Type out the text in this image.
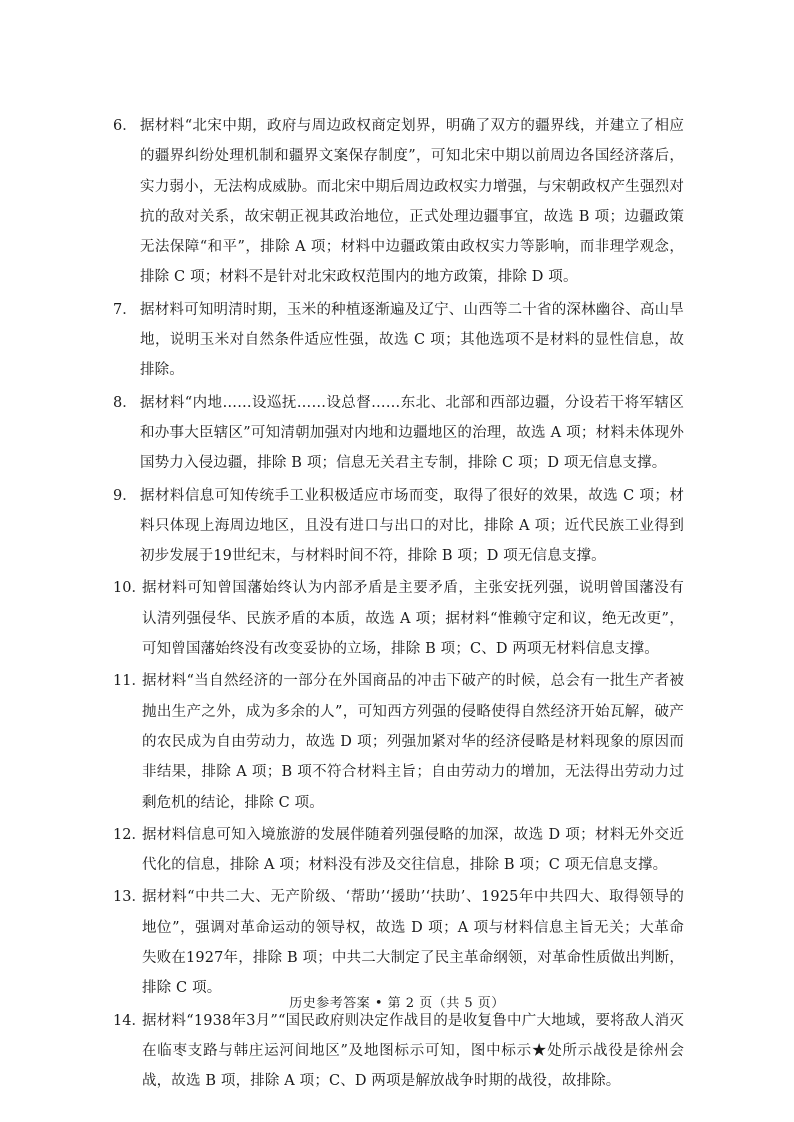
6． 据材料“北宋中期，政府与周边政权商定划界，明确了双方的疆界线，并建立了相应的疆界纠纷处理机制和疆界文案保存制度”，可知北宋中期以前周边各国经济落后，实力弱小，无法构成威胁。而北宋中期后周边政权实力增强，与宋朝政权产生强烈对抗的敌对关系，故宋朝正视其政治地位，正式处理边疆事宜，故选 B 项；边疆政策无法保障“和平”，排除 A 项；材料中边疆政策由政权实力等影响，而非理学观念，排除 C 项；材料不是针对北宋政权范围内的地方政策，排除 D 项。
7． 据材料可知明清时期，玉米的种植逐渐遍及辽宁、山西等二十省的深林幽谷、高山旱地，说明玉米对自然条件适应性强，故选 C 项；其他选项不是材料的显性信息，故排除。
8． 据材料“内地……设巡抚……设总督……东北、北部和西部边疆，分设若干将军辖区和办事大臣辖区”可知清朝加强对内地和边疆地区的治理，故选 A 项；材料未体现外国势力入侵边疆，排除 B 项；信息无关君主专制，排除 C 项；D 项无信息支撑。
9． 据材料信息可知传统手工业积极适应市场而变，取得了很好的效果，故选 C 项；材料只体现上海周边地区，且没有进口与出口的对比，排除 A 项；近代民族工业得到初步发展于19世纪末，与材料时间不符，排除 B 项；D 项无信息支撑。
10．
据材料可知曾国藩始终认为内部矛盾是主要矛盾，主张安抚列强，说明曾国藩没有认清列强侵华、民族矛盾的本质，故选 A 项；据材料“惟赖守定和议，绝无改更”，可知曾国藩始终没有改变妥协的立场，排除 B 项；C、D 两项无材料信息支撑。
11．
据材料“当自然经济的一部分在外国商品的冲击下破产的时候，总会有一批生产者被抛出生产之外，成为多余的人”，可知西方列强的侵略使得自然经济开始瓦解，破产的农民成为自由劳动力，故选 D 项；列强加紧对华的经济侵略是材料现象的原因而非结果，排除 A 项；B 项不符合材料主旨；自由劳动力的增加，无法得出劳动力过剩危机的结论，排除 C 项。
12．
据材料信息可知入境旅游的发展伴随着列强侵略的加深，故选 D 项；材料无外交近代化的信息，排除 A 项；材料没有涉及交往信息，排除 B 项；C 项无信息支撑。
13．
据材料“中共二大、无产阶级、‘帮助’‘援助’‘扶助’、1925年中共四大、取得领导的地位”，强调对革命运动的领导权，故选 D 项；A 项与材料信息主旨无关；大革命失败在1927年，排除 B 项；中共二大制定了民主革命纲领，对革命性质做出判断，排除 C 项。
14．
据材料“1938年3月”“国民政府则决定作战目的是收复鲁中广大地域，要将敌人消灭在临枣支路与韩庄运河间地区”及地图标示可知，图中标示★处所示战役是徐州会战，故选 B 项，排除 A 项；C、D 两项是解放战争时期的战役，故排除。
历史参考答案 • 第 2 页（共 5 页）
